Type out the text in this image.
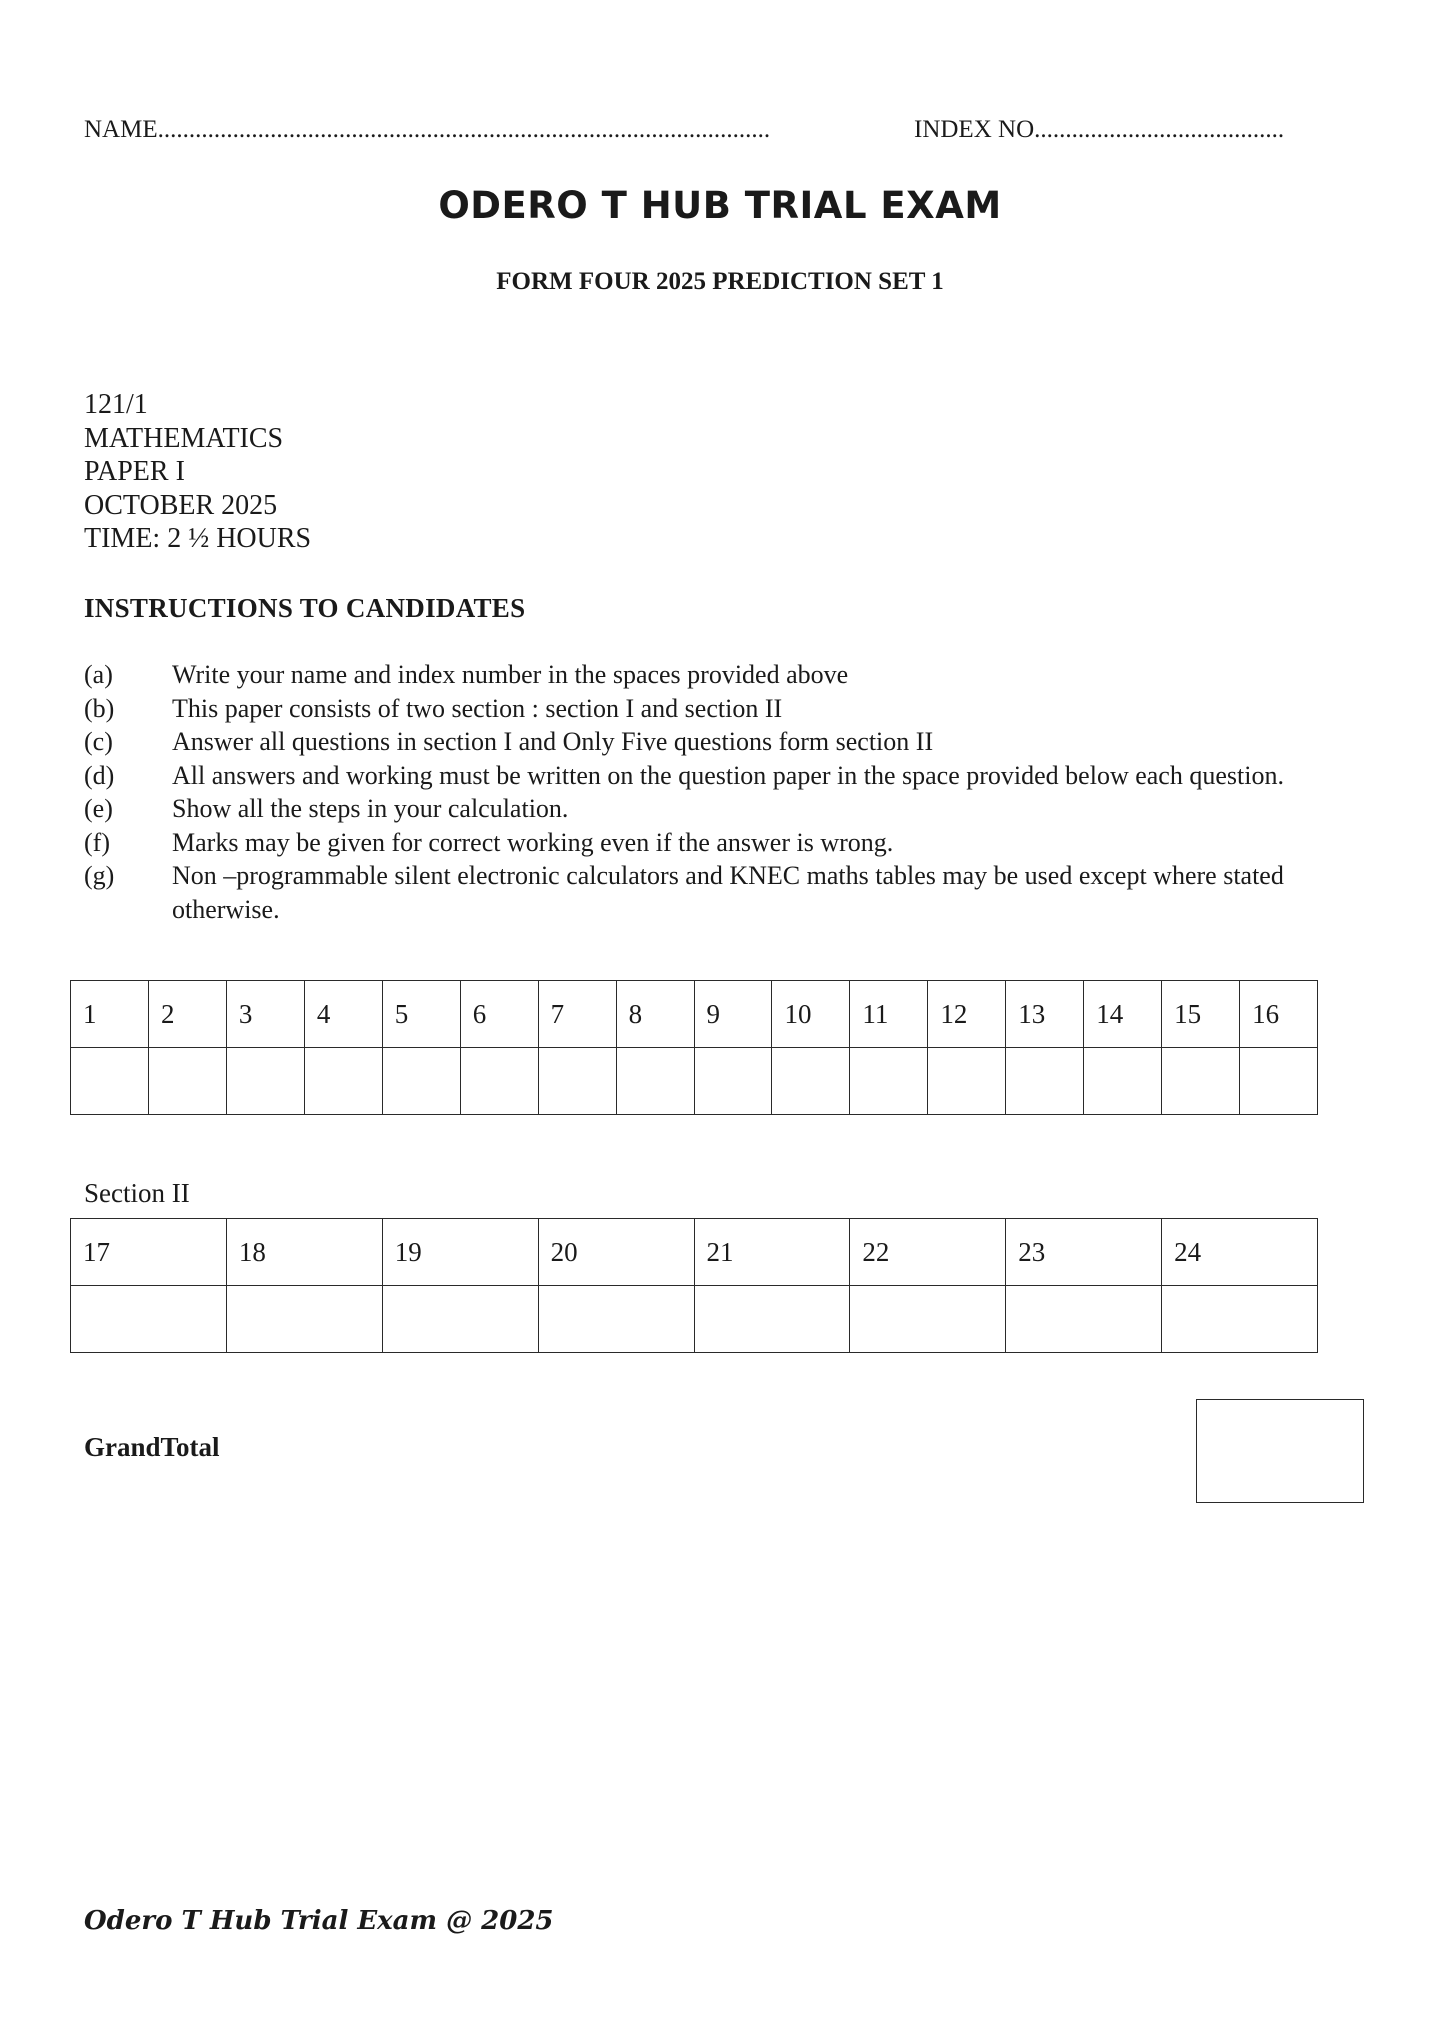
NAME..................................................................................................	INDEX NO........................................
ODERO T HUB TRIAL EXAM
FORM FOUR 2025 PREDICTION SET 1
121/1
MATHEMATICS
PAPER I
OCTOBER 2025
TIME: 2 ½ HOURS
INSTRUCTIONS TO CANDIDATES
(a) Write your name and index number in the spaces provided above
(b) This paper consists of two section : section I and section II
(c) Answer all questions in section I and Only Five questions form section II
(d) All answers and working must be written on the question paper in the space provided below each question.
(e) Show all the steps in your calculation.
(f) Marks may be given for correct working even if the answer is wrong.
(g) Non –programmable silent electronic calculators and KNEC maths tables may be used except where stated otherwise.
1	2	3	4	5	6	7	8	9	10	11	12	13	14	15	16

Section II
17	18	19	20	21	22	23	24

GrandTotal
Odero T Hub Trial Exam @ 2025
